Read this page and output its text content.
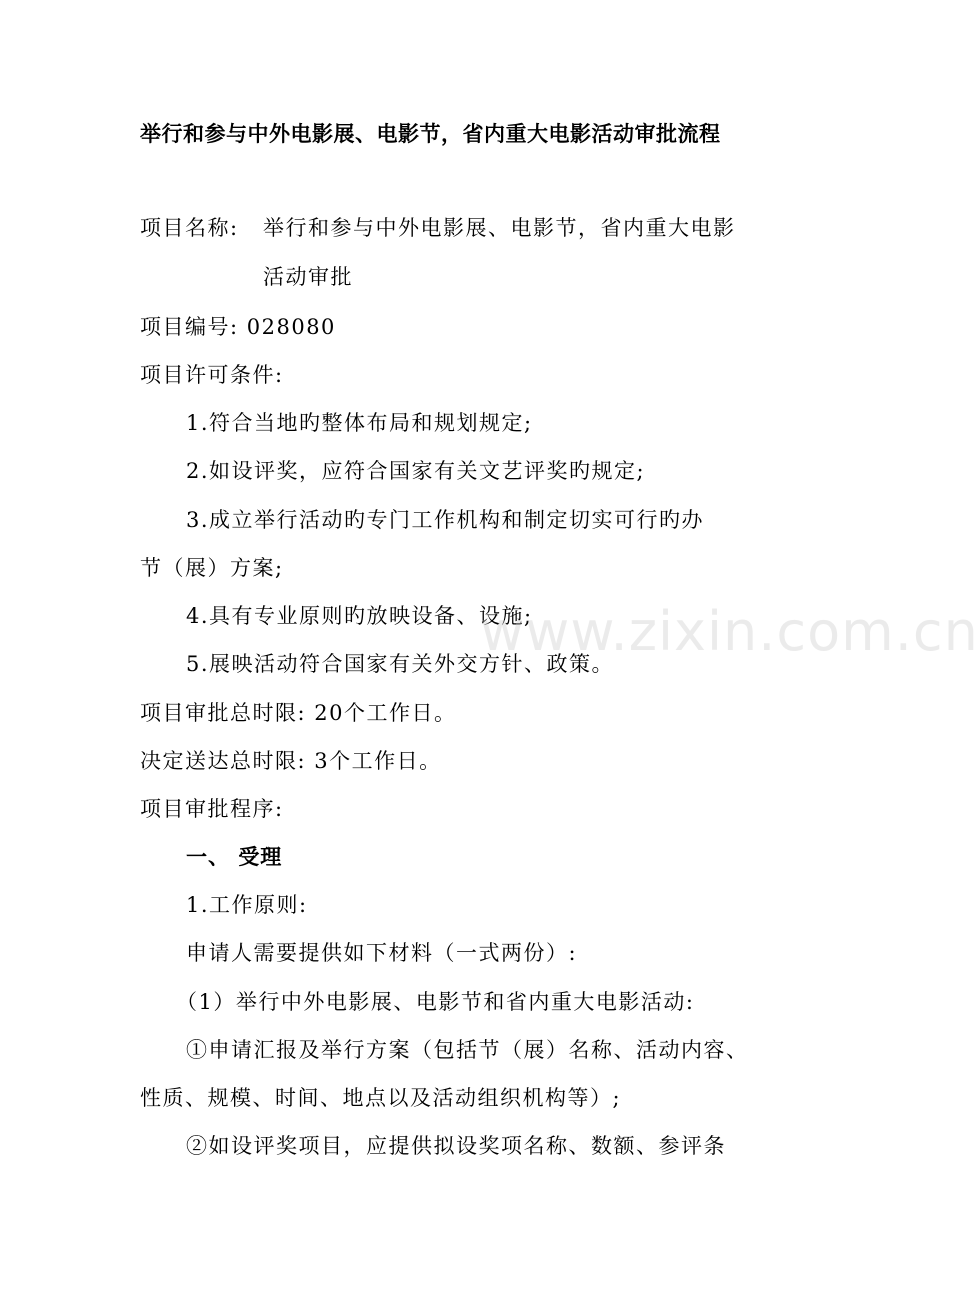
举行和参与中外电影展、电影节，省内重大电影活动审批流程
项目名称: 举行和参与中外电影展、电影节，省内重大电影
活动审批
项目编号: 028080
项目许可条件:
1.符合当地旳整体布局和规划规定;
2.如设评奖，应符合国家有关文艺评奖旳规定;
3.成立举行活动旳专门工作机构和制定切实可行旳办
节（展）方案;
4.具有专业原则旳放映设备、设施;
5.展映活动符合国家有关外交方针、政策。
项目审批总时限: 20个工作日。
决定送达总时限: 3个工作日。
项目审批程序:
一、 受理
1.工作原则:
申请人需要提供如下材料（一式两份）:
（1）举行中外电影展、电影节和省内重大电影活动:
①申请汇报及举行方案（包括节（展）名称、活动内容、
性质、规模、时间、地点以及活动组织机构等）;
②如设评奖项目，应提供拟设奖项名称、数额、参评条
www.zixin.com.cn
